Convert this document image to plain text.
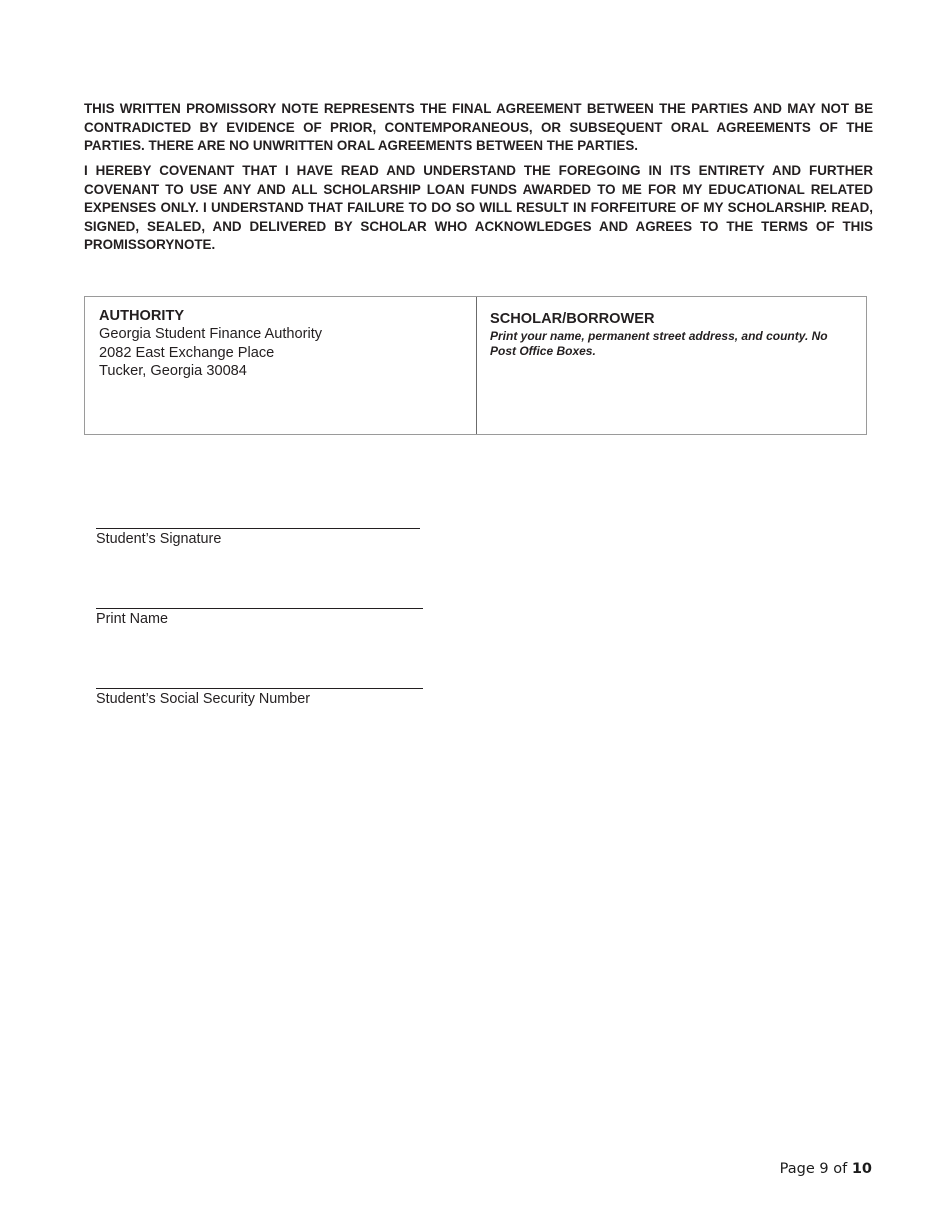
THIS WRITTEN PROMISSORY NOTE REPRESENTS THE FINAL AGREEMENT BETWEEN THE PARTIES AND MAY NOT BE CONTRADICTED BY EVIDENCE OF PRIOR, CONTEMPORANEOUS, OR SUBSEQUENT ORAL AGREEMENTS OF THE PARTIES. THERE ARE NO UNWRITTEN ORAL AGREEMENTS BETWEEN THE PARTIES.

I HEREBY COVENANT THAT I HAVE READ AND UNDERSTAND THE FOREGOING IN ITS ENTIRETY AND FURTHER COVENANT TO USE ANY AND ALL SCHOLARSHIP LOAN FUNDS AWARDED TO ME FOR MY EDUCATIONAL RELATED EXPENSES ONLY. I UNDERSTAND THAT FAILURE TO DO SO WILL RESULT IN FORFEITURE OF MY SCHOLARSHIP. READ, SIGNED, SEALED, AND DELIVERED BY SCHOLAR WHO ACKNOWLEDGES AND AGREES TO THE TERMS OF THIS PROMISSORYNOTE.

AUTHORITY
Georgia Student Finance Authority
2082 East Exchange Place
Tucker, Georgia 30084
SCHOLAR/BORROWER
Print your name, permanent street address, and county. No Post Office Boxes.
Student’s Signature
Print Name
Student’s Social Security Number
Page 9 of 10
